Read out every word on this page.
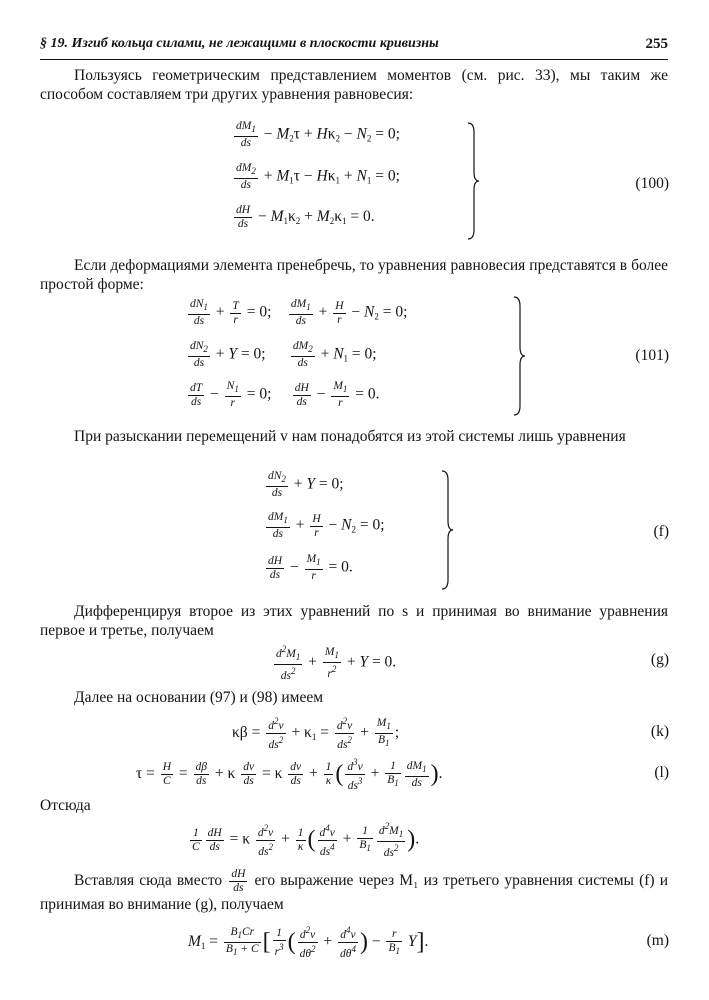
§ 19. Изгиб кольца силами, не лежащими в плоскости кривизны	255

Пользуясь геометрическим представлением моментов (см. рис. 33), мы таким же способом составляем три других уравнения равновесия:

$\frac{dM_1}{ds} - M_2\tau + H\kappa_2 - N_2 = 0$;
$\frac{dM_2}{ds} + M_1\tau - H\kappa_1 + N_1 = 0$;
$\frac{dH}{ds} - M_1\kappa_2 + M_2\kappa_1 = 0$.
(100)

Если деформациями элемента пренебречь, то уравнения равновесия представятся в более простой форме:

$\frac{dN_1}{ds} + \frac{T}{r} = 0$; $\frac{dM_1}{ds} + \frac{H}{r} - N_2 = 0$;
$\frac{dN_2}{ds} + Y = 0$; $\frac{dM_2}{ds} + N_1 = 0$;
$\frac{dT}{ds} - \frac{N_1}{r} = 0$; $\frac{dH}{ds} - \frac{M_1}{r} = 0$.
(101)

При разыскании перемещений v нам понадобятся из этой системы лишь уравнения

$\frac{dN_2}{ds} + Y = 0$;
$\frac{dM_1}{ds} + \frac{H}{r} - N_2 = 0$;
$\frac{dH}{ds} - \frac{M_1}{r} = 0$.
(f)

Дифференцируя второе из этих уравнений по s и принимая во внимание уравнения первое и третье, получаем

$\frac{d^2M_1}{ds^2} + \frac{M_1}{r^2} + Y = 0$.	(g)

Далее на основании (97) и (98) имеем

$\kappa\beta = \frac{d^2v}{ds^2} + \kappa_1 = \frac{d^2v}{ds^2} + \frac{M_1}{B_1}$ ;	(k)
$\tau = \frac{H}{C} = \frac{d\beta}{ds} + \kappa \frac{dv}{ds} = \kappa \frac{dv}{ds} + \frac{1}{\kappa}$ ( $\frac{d^3v}{ds^3} + \frac{1}{B_1} \frac{dM_1}{ds}$ ).	(l)

Отсюда

$\frac{1}{C} \frac{dH}{ds} = \kappa \frac{d^2v}{ds^2} + \frac{1}{\kappa}$ ( $\frac{d^4v}{ds^4} + \frac{1}{B_1} \frac{d^2M_1}{ds^2}$ ).

Вставляя сюда вместо $\frac{dH}{ds}$ его выражение через M₁ из третьего уравнения системы (f) и принимая во внимание (g), получаем

$M_1 = \frac{B_1Cr}{B_1 + C}$ [ $\frac{1}{r^3}$ ( $\frac{d^2v}{d\theta^2} + \frac{d^4v}{d\theta^4}$ ) − $\frac{r}{B_1} Y$].	(m)
